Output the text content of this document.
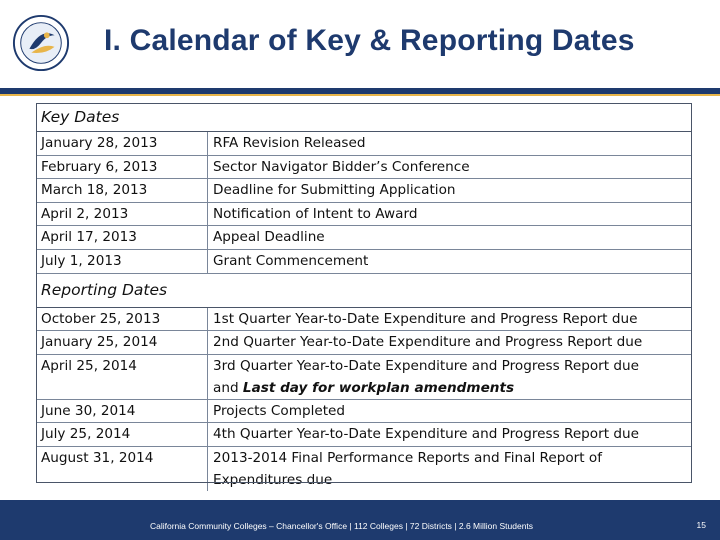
I. Calendar of Key & Reporting Dates
Key Dates	
January 28, 2013	RFA Revision Released
February 6, 2013	Sector Navigator Bidder’s Conference
March 18, 2013	Deadline for Submitting Application
April 2, 2013	Notification of Intent to Award
April 17, 2013	Appeal Deadline
July 1, 2013	Grant Commencement
Reporting Dates	
October 25, 2013	1st Quarter Year-to-Date Expenditure and Progress Report due
January 25, 2014	2nd Quarter Year-to-Date Expenditure and Progress Report due
April 25, 2014	3rd Quarter Year-to-Date Expenditure and Progress Report due
and Last day for workplan amendments
June 30, 2014	Projects Completed
July 25, 2014	4th Quarter Year-to-Date Expenditure and Progress Report due
August 31, 2014	2013-2014 Final Performance Reports and Final Report of
Expenditures due
California Community Colleges – Chancellor's Office | 112 Colleges | 72 Districts | 2.6 Million Students	15
